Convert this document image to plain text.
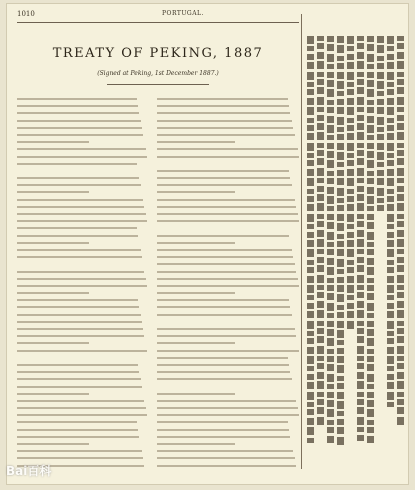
1010	PORTUGAL.
TREATY OF PEKING, 1887
(Signed at Peking, 1st December 1887.)
Bai百科
